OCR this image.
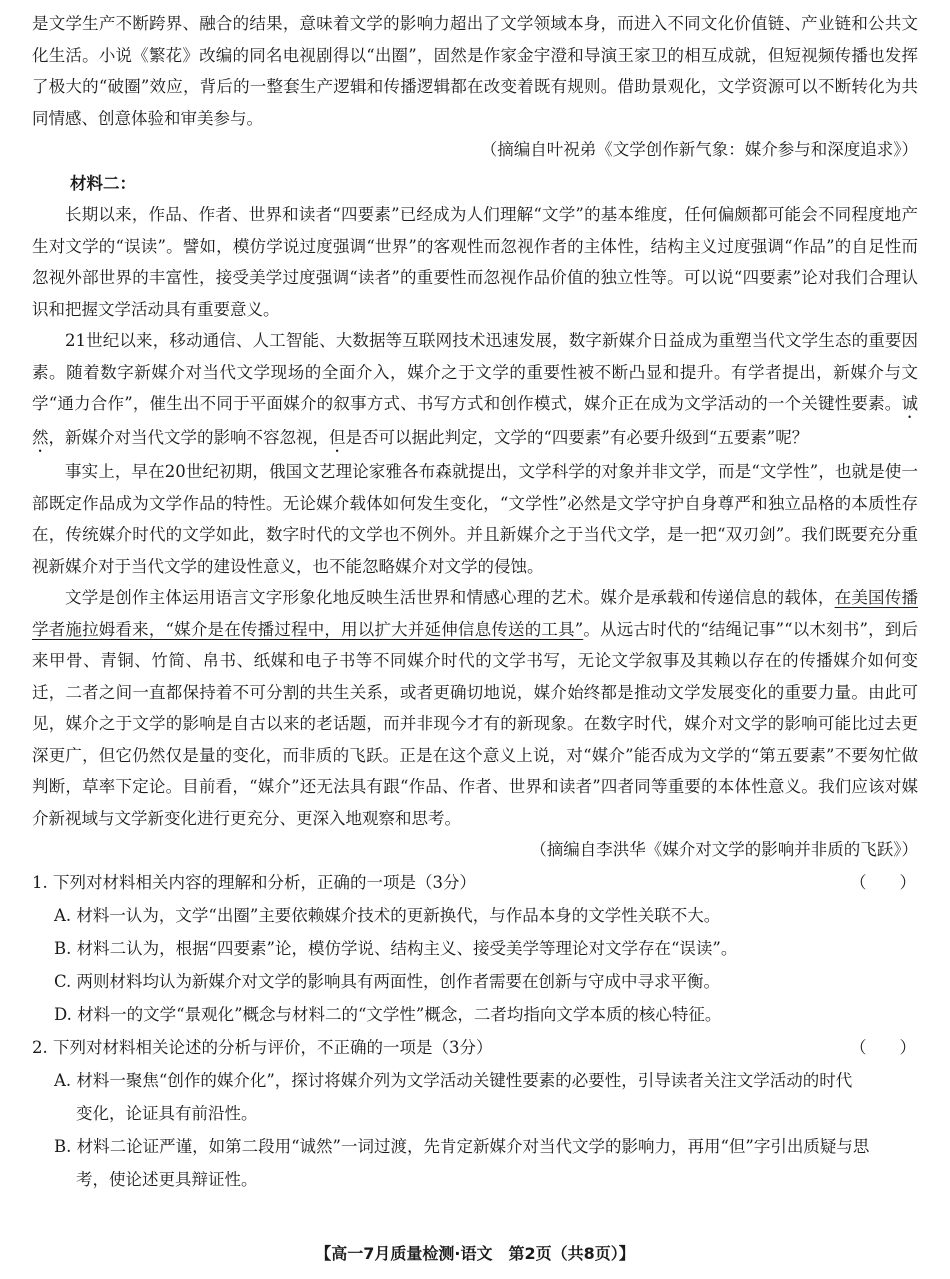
是文学生产不断跨界、融合的结果，意味着文学的影响力超出了文学领域本身，而进入不同文化价值链、产业链和公共文化生活。小说《繁花》改编的同名电视剧得以“出圈”，固然是作家金宇澄和导演王家卫的相互成就，但短视频传播也发挥了极大的“破圈”效应，背后的一整套生产逻辑和传播逻辑都在改变着既有规则。借助景观化，文学资源可以不断转化为共同情感、创意体验和审美参与。

（摘编自叶祝弟《文学创作新气象：媒介参与和深度追求》）

材料二：

长期以来，作品、作者、世界和读者“四要素”已经成为人们理解“文学”的基本维度，任何偏颇都可能会不同程度地产生对文学的“误读”。譬如，模仿学说过度强调“世界”的客观性而忽视作者的主体性，结构主义过度强调“作品”的自足性而忽视外部世界的丰富性，接受美学过度强调“读者”的重要性而忽视作品价值的独立性等。可以说“四要素”论对我们合理认识和把握文学活动具有重要意义。

21世纪以来，移动通信、人工智能、大数据等互联网技术迅速发展，数字新媒介日益成为重塑当代文学生态的重要因素。随着数字新媒介对当代文学现场的全面介入，媒介之于文学的重要性被不断凸显和提升。有学者提出，新媒介与文学“通力合作”，催生出不同于平面媒介的叙事方式、书写方式和创作模式，媒介正在成为文学活动的一个关键性要素。诚然，新媒介对当代文学的影响不容忽视，但是否可以据此判定，文学的“四要素”有必要升级到“五要素”呢？

事实上，早在20世纪初期，俄国文艺理论家雅各布森就提出，文学科学的对象并非文学，而是“文学性”，也就是使一部既定作品成为文学作品的特性。无论媒介载体如何发生变化，“文学性”必然是文学守护自身尊严和独立品格的本质性存在，传统媒介时代的文学如此，数字时代的文学也不例外。并且新媒介之于当代文学，是一把“双刃剑”。我们既要充分重视新媒介对于当代文学的建设性意义，也不能忽略媒介对文学的侵蚀。

文学是创作主体运用语言文字形象化地反映生活世界和情感心理的艺术。媒介是承载和传递信息的载体，在美国传播学者施拉姆看来，“媒介是在传播过程中，用以扩大并延伸信息传送的工具”。从远古时代的“结绳记事”“以木刻书”，到后来甲骨、青铜、竹简、帛书、纸媒和电子书等不同媒介时代的文学书写，无论文学叙事及其赖以存在的传播媒介如何变迁，二者之间一直都保持着不可分割的共生关系，或者更确切地说，媒介始终都是推动文学发展变化的重要力量。由此可见，媒介之于文学的影响是自古以来的老话题，而并非现今才有的新现象。在数字时代，媒介对文学的影响可能比过去更深更广，但它仍然仅是量的变化，而非质的飞跃。正是在这个意义上说，对“媒介”能否成为文学的“第五要素”不要匆忙做判断，草率下定论。目前看，“媒介”还无法具有跟“作品、作者、世界和读者”四者同等重要的本体性意义。我们应该对媒介新视域与文学新变化进行更充分、更深入地观察和思考。

（摘编自李洪华《媒介对文学的影响并非质的飞跃》）

1. 下列对材料相关内容的理解和分析，正确的一项是（3分）	（　　）
A. 材料一认为，文学“出圈”主要依赖媒介技术的更新换代，与作品本身的文学性关联不大。
B. 材料二认为，根据“四要素”论，模仿学说、结构主义、接受美学等理论对文学存在“误读”。
C. 两则材料均认为新媒介对文学的影响具有两面性，创作者需要在创新与守成中寻求平衡。
D. 材料一的文学“景观化”概念与材料二的“文学性”概念，二者均指向文学本质的核心特征。
2. 下列对材料相关论述的分析与评价，不正确的一项是（3分）	（　　）
A. 材料一聚焦“创作的媒介化”，探讨将媒介列为文学活动关键性要素的必要性，引导读者关注文学活动的时代
变化，论证具有前沿性。
B. 材料二论证严谨，如第二段用“诚然”一词过渡，先肯定新媒介对当代文学的影响力，再用“但”字引出质疑与思
考，使论述更具辩证性。
【高一7月质量检测·语文　第2页（共8页）】
